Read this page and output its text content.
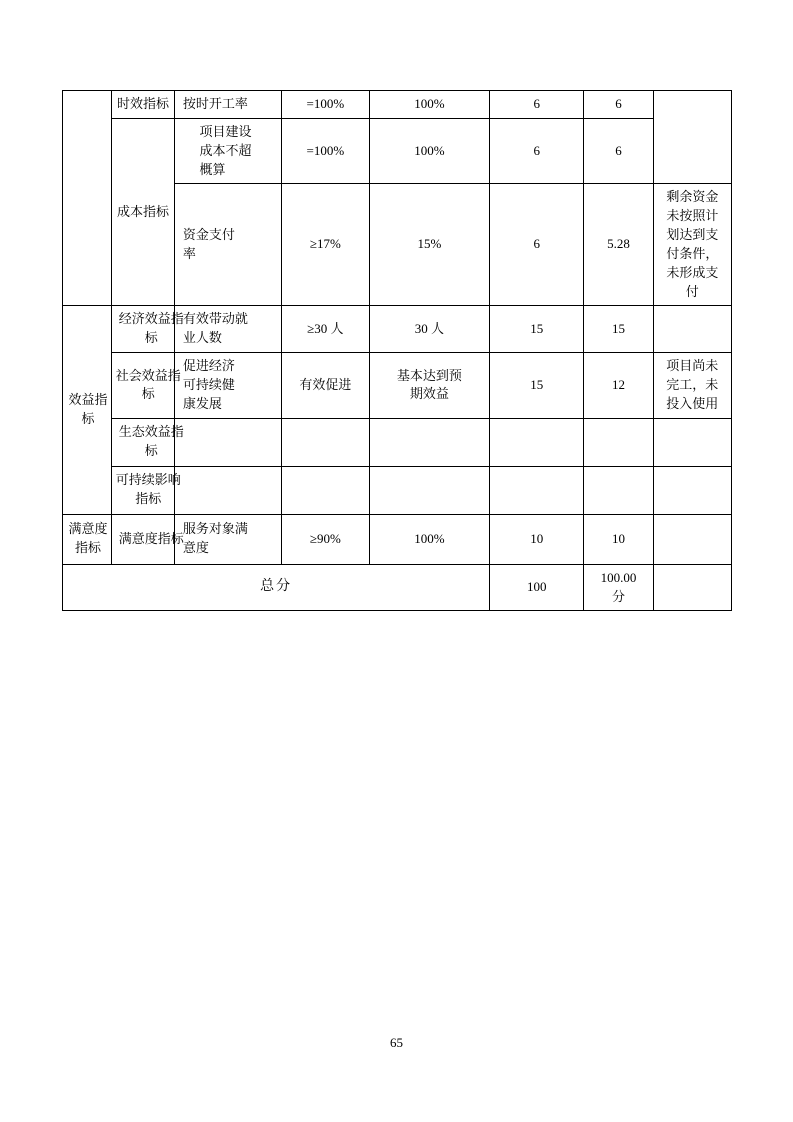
	时效指标	按时开工率	=100%	100%	6	6	
	成本指标	项目建设成本不超概算	=100%	100%	6	6	

		资金支付率	≥17%	15%	6	5.28	剩余资金未按照计划达到支付条件，未形成支付

效益指标	经济效益指标	有效带动就业人数	≥30 人	30 人	15	15	

	社会效益指标	促进经济可持续健康发展	有效促进	基本达到预期效益	15	12	项目尚未完工，未投入使用

	生态效益指标						

	可持续影响指标						

满意度指标	满意度指标	服务对象满意度	≥90%	100%	10	10	
总分					100	100.00 分	

65
